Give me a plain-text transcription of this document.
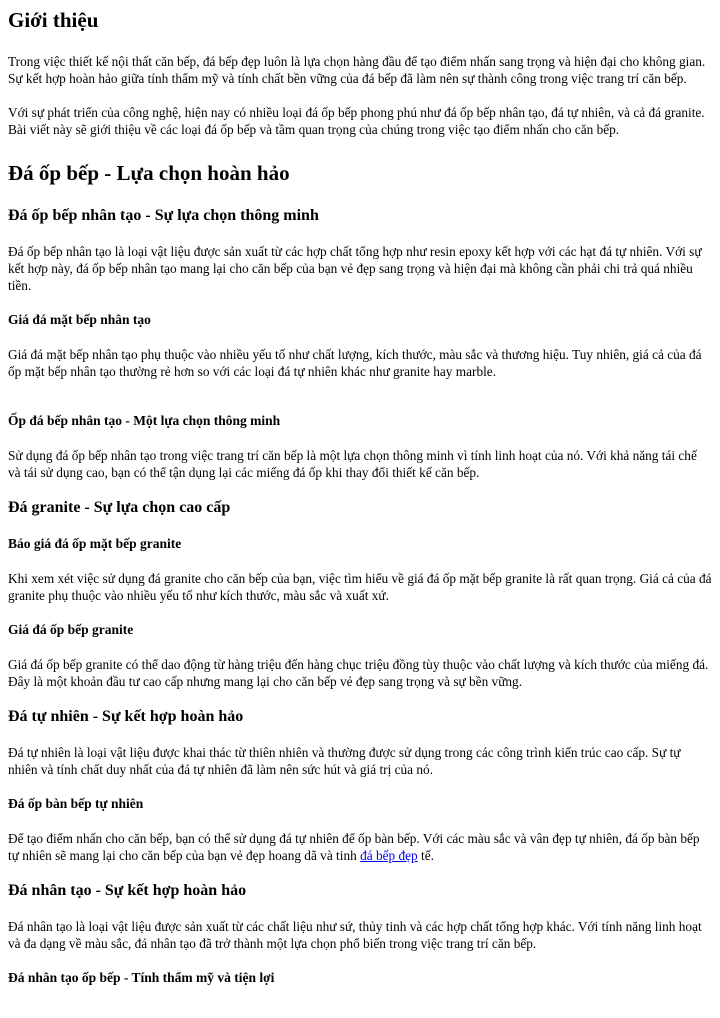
Giới thiệu

Trong việc thiết kế nội thất căn bếp, đá bếp đẹp luôn là lựa chọn hàng đầu để tạo điểm nhấn sang trọng và hiện đại cho không gian. Sự kết hợp hoàn hảo giữa tính thẩm mỹ và tính chất bền vững của đá bếp đã làm nên sự thành công trong việc trang trí căn bếp.

Với sự phát triển của công nghệ, hiện nay có nhiều loại đá ốp bếp phong phú như đá ốp bếp nhân tạo, đá tự nhiên, và cả đá granite. Bài viết này sẽ giới thiệu về các loại đá ốp bếp và tầm quan trọng của chúng trong việc tạo điểm nhấn cho căn bếp.

Đá ốp bếp - Lựa chọn hoàn hảo
Đá ốp bếp nhân tạo - Sự lựa chọn thông minh

Đá ốp bếp nhân tạo là loại vật liệu được sản xuất từ các hợp chất tổng hợp như resin epoxy kết hợp với các hạt đá tự nhiên. Với sự kết hợp này, đá ốp bếp nhân tạo mang lại cho căn bếp của bạn vẻ đẹp sang trọng và hiện đại mà không cần phải chi trả quá nhiều tiền.

Giá đá mặt bếp nhân tạo

Giá đá mặt bếp nhân tạo phụ thuộc vào nhiều yếu tố như chất lượng, kích thước, màu sắc và thương hiệu. Tuy nhiên, giá cả của đá ốp mặt bếp nhân tạo thường rẻ hơn so với các loại đá tự nhiên khác như granite hay marble.

Ốp đá bếp nhân tạo - Một lựa chọn thông minh

Sử dụng đá ốp bếp nhân tạo trong việc trang trí căn bếp là một lựa chọn thông minh vì tính linh hoạt của nó. Với khả năng tái chế và tái sử dụng cao, bạn có thể tận dụng lại các miếng đá ốp khi thay đổi thiết kế căn bếp.

Đá granite - Sự lựa chọn cao cấp
Báo giá đá ốp mặt bếp granite

Khi xem xét việc sử dụng đá granite cho căn bếp của bạn, việc tìm hiểu về giá đá ốp mặt bếp granite là rất quan trọng. Giá cả của đá granite phụ thuộc vào nhiều yếu tố như kích thước, màu sắc và xuất xứ.

Giá đá ốp bếp granite

Giá đá ốp bếp granite có thể dao động từ hàng triệu đến hàng chục triệu đồng tùy thuộc vào chất lượng và kích thước của miếng đá. Đây là một khoản đầu tư cao cấp nhưng mang lại cho căn bếp vẻ đẹp sang trọng và sự bền vững.

Đá tự nhiên - Sự kết hợp hoàn hảo

Đá tự nhiên là loại vật liệu được khai thác từ thiên nhiên và thường được sử dụng trong các công trình kiến trúc cao cấp. Sự tự nhiên và tính chất duy nhất của đá tự nhiên đã làm nên sức hút và giá trị của nó.

Đá ốp bàn bếp tự nhiên

Để tạo điểm nhấn cho căn bếp, bạn có thể sử dụng đá tự nhiên để ốp bàn bếp. Với các màu sắc và vân đẹp tự nhiên, đá ốp bàn bếp tự nhiên sẽ mang lại cho căn bếp của bạn vẻ đẹp hoang dã và tinh đá bếp đẹp tế.

Đá nhân tạo - Sự kết hợp hoàn hảo

Đá nhân tạo là loại vật liệu được sản xuất từ các chất liệu như sứ, thủy tinh và các hợp chất tổng hợp khác. Với tính năng linh hoạt và đa dạng về màu sắc, đá nhân tạo đã trở thành một lựa chọn phổ biến trong việc trang trí căn bếp.

Đá nhân tạo ốp bếp - Tính thẩm mỹ và tiện lợi
